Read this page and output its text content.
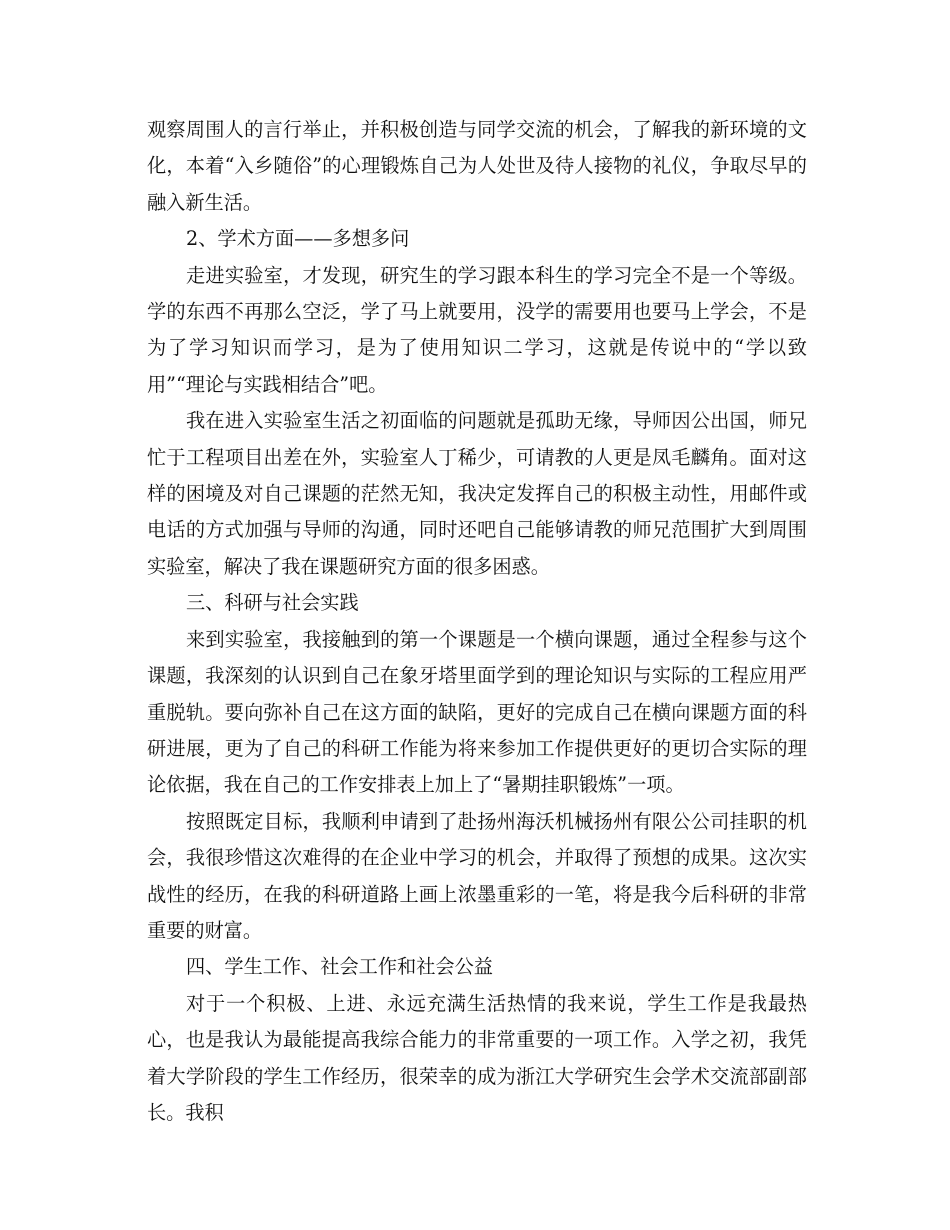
观察周围人的言行举止，并积极创造与同学交流的机会，了解我的新环境的文化，本着“入乡随俗”的心理锻炼自己为人处世及待人接物的礼仪，争取尽早的融入新生活。

2、学术方面——多想多问

走进实验室，才发现，研究生的学习跟本科生的学习完全不是一个等级。学的东西不再那么空泛，学了马上就要用，没学的需要用也要马上学会，不是为了学习知识而学习，是为了使用知识二学习，这就是传说中的“学以致用”“理论与实践相结合”吧。

我在进入实验室生活之初面临的问题就是孤助无缘，导师因公出国，师兄忙于工程项目出差在外，实验室人丁稀少，可请教的人更是凤毛麟角。面对这样的困境及对自己课题的茫然无知，我决定发挥自己的积极主动性，用邮件或电话的方式加强与导师的沟通，同时还吧自己能够请教的师兄范围扩大到周围实验室，解决了我在课题研究方面的很多困惑。

三、科研与社会实践

来到实验室，我接触到的第一个课题是一个横向课题，通过全程参与这个课题，我深刻的认识到自己在象牙塔里面学到的理论知识与实际的工程应用严重脱轨。要向弥补自己在这方面的缺陷，更好的完成自己在横向课题方面的科研进展，更为了自己的科研工作能为将来参加工作提供更好的更切合实际的理论依据，我在自己的工作安排表上加上了“暑期挂职锻炼”一项。

按照既定目标，我顺利申请到了赴扬州海沃机械扬州有限公公司挂职的机会，我很珍惜这次难得的在企业中学习的机会，并取得了预想的成果。这次实战性的经历，在我的科研道路上画上浓墨重彩的一笔，将是我今后科研的非常重要的财富。

四、学生工作、社会工作和社会公益

对于一个积极、上进、永远充满生活热情的我来说，学生工作是我最热心，也是我认为最能提高我综合能力的非常重要的一项工作。入学之初，我凭着大学阶段的学生工作经历，很荣幸的成为浙江大学研究生会学术交流部副部长。我积
